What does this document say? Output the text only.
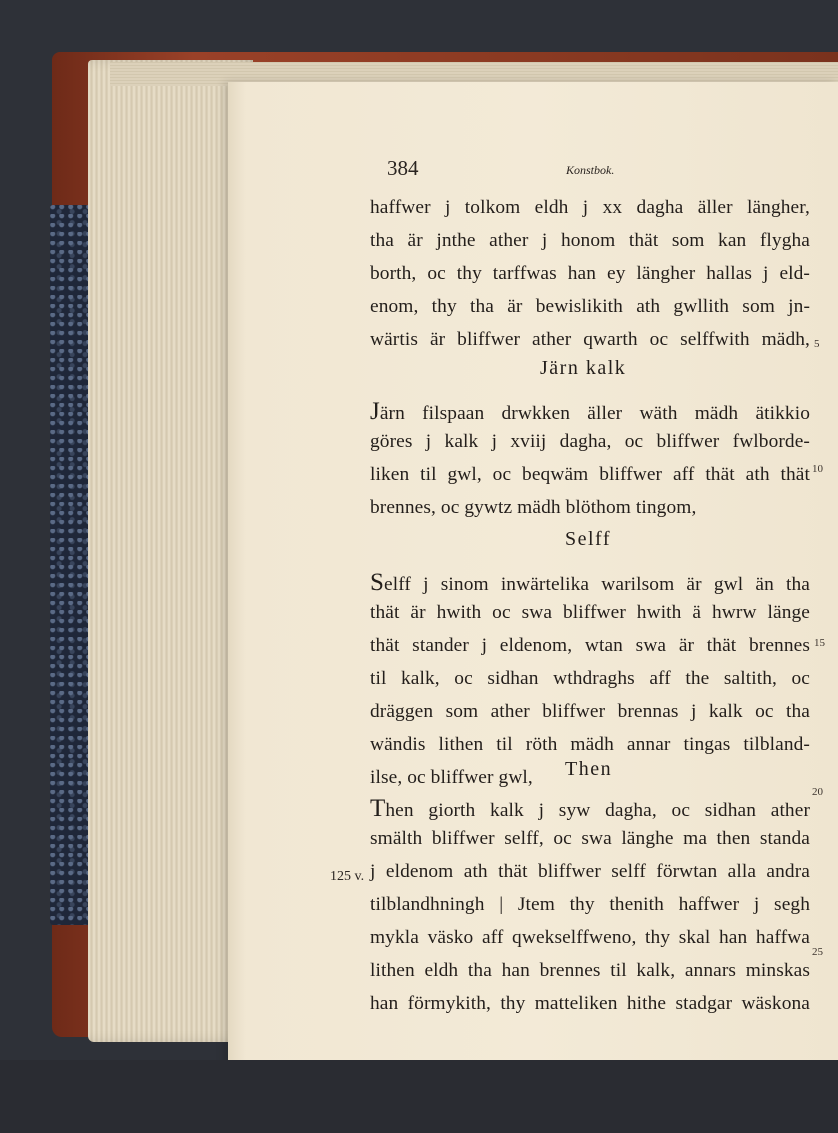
384	Konstbok.
125 v.
haffwer j tolkom eldh j xx dagha äller längher,
tha är jnthe ather j honom thät som kan flygha
borth, oc thy tarffwas han ey längher hallas j eld-
enom, thy tha är bewislikith ath gwllith som jn-
wärtis är bliffwer ather qwarth oc selffwith mädh, 5
Järn kalk
Järn filspaan drwkken äller wäth mädh ätikkio
göres j kalk j xviij dagha, oc bliffwer fwlborde-
liken til gwl, oc beqwäm bliffwer aff thät ath thät
brennes, oc gywtz mädh blöthom tingom,
10
Selff
Selff j sinom inwärtelika warilsom är gwl än tha
thät är hwith oc swa bliffwer hwith ä hwrw länge
thät stander j eldenom, wtan swa är thät brennes
til kalk, oc sidhan wthdraghs aff the saltith, oc
dräggen som ather bliffwer brennas j kalk oc tha
wändis lithen til röth mädh annar tingas tilbland-
ilse, oc bliffwer gwl,
15
Then
Then giorth kalk j syw dagha, oc sidhan ather
smälth bliffwer selff, oc swa länghe ma then standa
j eldenom ath thät bliffwer selff förwtan alla andra
tilblandhningh | Jtem thy thenith haffwer j segh
mykla väsko aff qwekselffweno, thy skal han haffwa
lithen eldh tha han brennes til kalk, annars minskas
han förmykith, thy matteliken hithe stadgar wäskona
20
25
